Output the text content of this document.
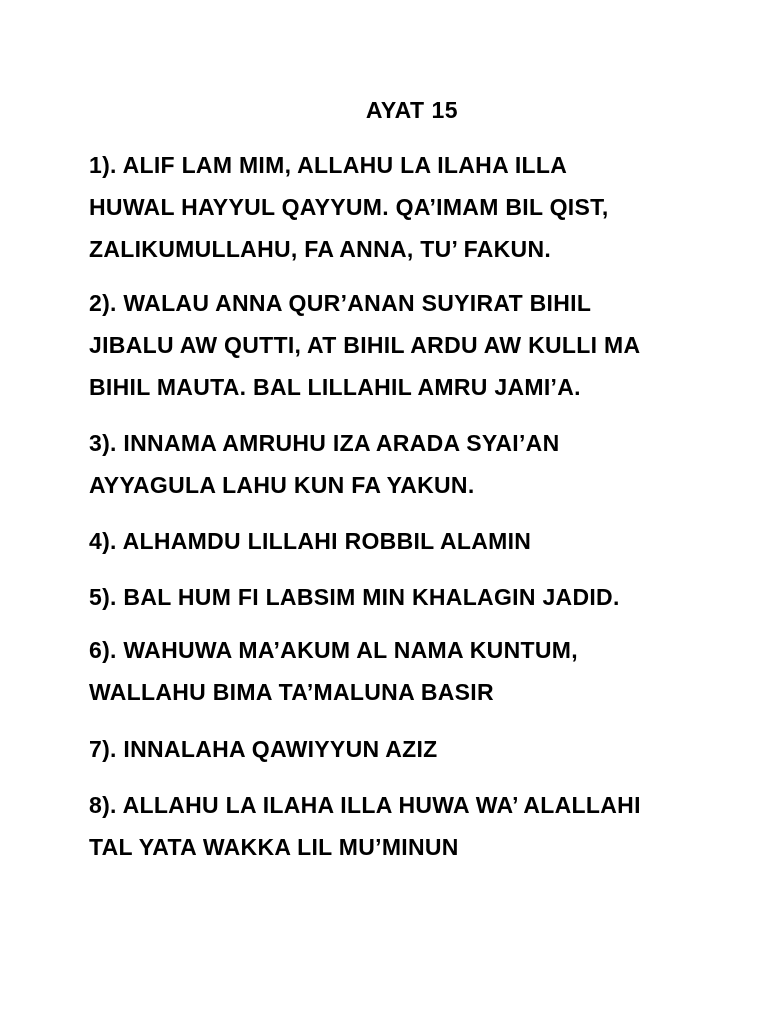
AYAT 15
1). ALIF LAM MIM, ALLAHU LA ILAHA ILLA
HUWAL HAYYUL QAYYUM. QA’IMAM BIL QIST,
ZALIKUMULLAHU, FA ANNA, TU’ FAKUN.
2). WALAU ANNA QUR’ANAN SUYIRAT BIHIL
JIBALU AW QUTTI, AT BIHIL ARDU AW KULLI MA
BIHIL MAUTA. BAL LILLAHIL AMRU JAMI’A.
3). INNAMA AMRUHU IZA ARADA SYAI’AN
AYYAGULA LAHU KUN FA YAKUN.
4). ALHAMDU LILLAHI ROBBIL ALAMIN
5). BAL HUM FI LABSIM MIN KHALAGIN JADID.
6). WAHUWA MA’AKUM AL NAMA KUNTUM,
WALLAHU BIMA TA’MALUNA BASIR
7). INNALAHA QAWIYYUN AZIZ
8). ALLAHU LA ILAHA ILLA HUWA WA’ ALALLAHI
TAL YATA WAKKA LIL MU’MINUN
